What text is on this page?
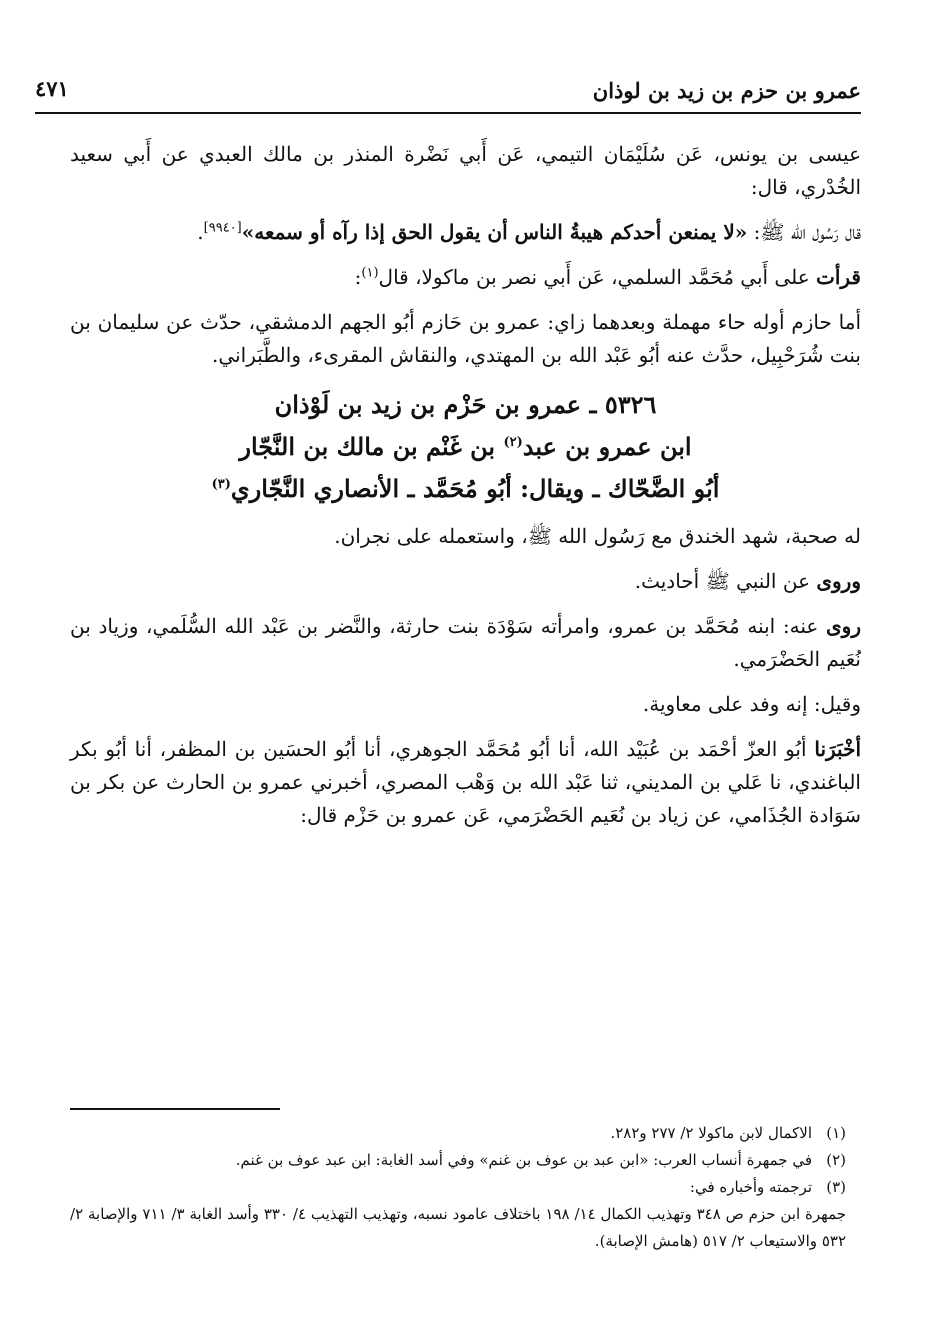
عمرو بن حزم بن زيد بن لوذان
٤٧١

عيسى بن يونس، عَن سُلَيْمَان التيمي، عَن أَبي نَضْرة المنذر بن مالك العبدي عن أَبي سعيد الخُدْري، قال:

قال رَسُول الله ﷺ: «لا يمنعن أحدكم هيبةُ الناس أن يقول الحق إذا رآه أو سمعه»[٩٩٤٠].

قرأت على أَبي مُحَمَّد السلمي، عَن أَبي نصر بن ماكولا، قال$^{(١)}$:

أما حازم أوله حاء مهملة وبعدهما زاي: عمرو بن حَازم أبُو الجهم الدمشقي، حدّث عن سليمان بن بنت شُرَحْبِيل، حدَّث عنه أبُو عَبْد الله بن المهتدي، والنقاش المقرىء، والطَّبَراني.

٥٣٢٦ ـ عمرو بن حَزْم بن زيد بن لَوْذان
ابن عمرو بن عبد$^{(٢)}$ بن غَنْم بن مالك بن النَّجّار
أبُو الضَّحّاك ـ ويقال: أبُو مُحَمَّد ـ الأنصاري النَّجّاري$^{(٣)}$

له صحبة، شهد الخندق مع رَسُول الله ﷺ، واستعمله على نجران.

وروى عن النبي ﷺ أحاديث.

روى عنه: ابنه مُحَمَّد بن عمرو، وامرأته سَوْدَة بنت حارثة، والنَّضر بن عَبْد الله السُّلَمي، وزياد بن نُعَيم الحَضْرَمي.

وقيل: إنه وفد على معاوية.

أخْبَرَنا أبُو العزّ أحْمَد بن عُبَيْد الله، أنا أبُو مُحَمَّد الجوهري، أنا أبُو الحسَين بن المظفر، أنا أبُو بكر الباغندي، نا عَلي بن المديني، ثنا عَبْد الله بن وَهْب المصري، أخبرني عمرو بن الحارث عن بكر بن سَوَادة الجُذَامي، عن زياد بن نُعَيم الحَضْرَمي، عَن عمرو بن حَزْم قال:

(١)الاكمال لابن ماكولا ٢/ ٢٧٧ و٢٨٢.

(٢)في جمهرة أنساب العرب: «ابن عبد بن عوف بن غنم» وفي أسد الغابة: ابن عبد عوف بن غنم.

(٣)ترجمته وأخباره في:

جمهرة ابن حزم ص ٣٤٨ وتهذيب الكمال ١٤/ ١٩٨ باختلاف عامود نسبه، وتهذيب التهذيب ٤/ ٣٣٠ وأسد الغابة ٣/ ٧١١ والإصابة ٢/ ٥٣٢ والاستيعاب ٢/ ٥١٧ (هامش الإصابة).
